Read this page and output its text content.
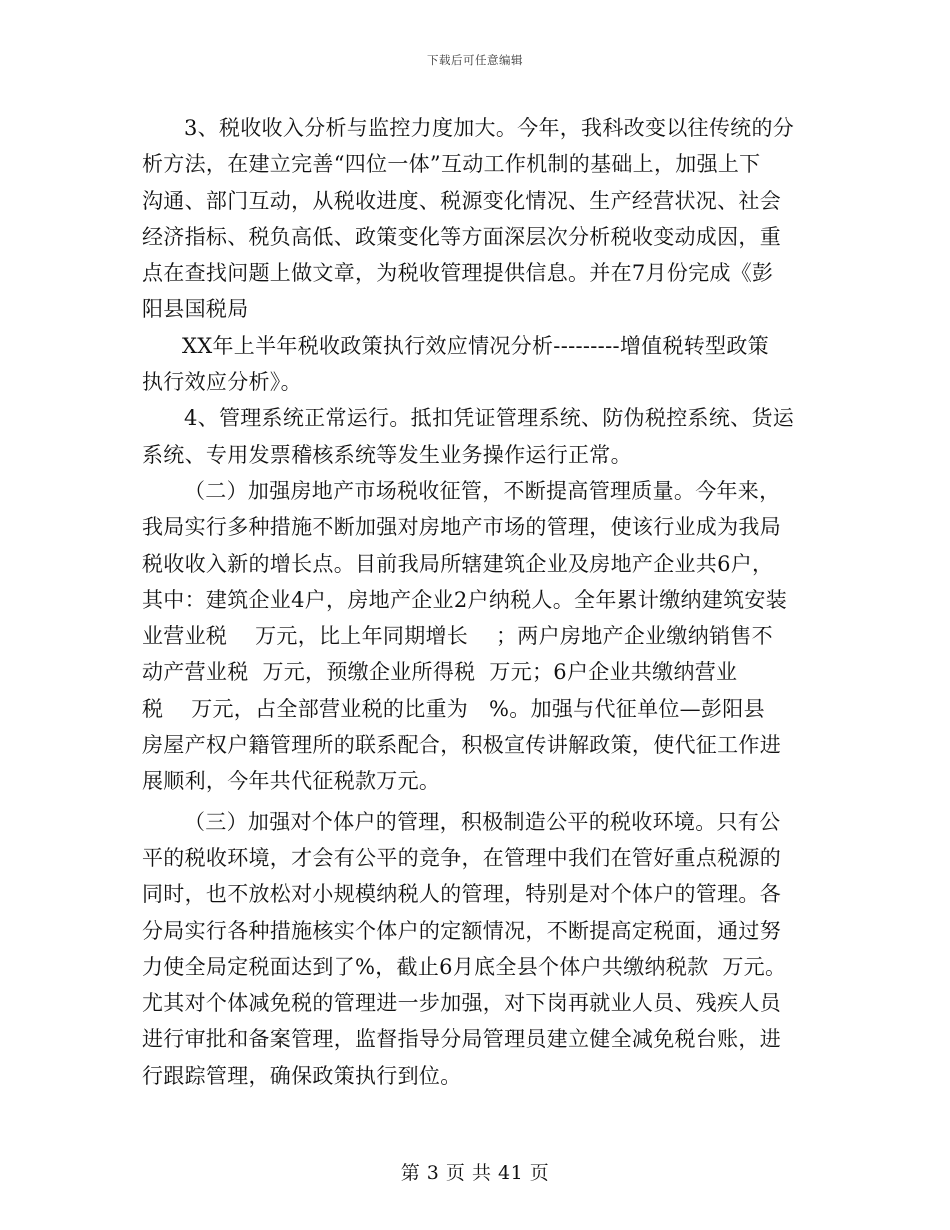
下载后可任意编辑
3、税收收入分析与监控力度加大。今年，我科改变以往传统的分
析方法，在建立完善“四位一体”互动工作机制的基础上，加强上下
沟通、部门互动，从税收进度、税源变化情况、生产经营状况、社会
经济指标、税负高低、政策变化等方面深层次分析税收变动成因，重
点在查找问题上做文章，为税收管理提供信息。并在7月份完成《彭
阳县国税局
XX年上半年税收政策执行效应情况分析---------增值税转型政策
执行效应分析》。
4、管理系统正常运行。抵扣凭证管理系统、防伪税控系统、货运
系统、专用发票稽核系统等发生业务操作运行正常。
（二）加强房地产市场税收征管，不断提高管理质量。今年来，
我局实行多种措施不断加强对房地产市场的管理，使该行业成为我局
税收收入新的增长点。目前我局所辖建筑企业及房地产企业共6户，
其中：建筑企业4户，房地产企业2户纳税人。全年累计缴纳建筑安装
业营业税    万元，比上年同期增长    ；两户房地产企业缴纳销售不
动产营业税  万元，预缴企业所得税  万元；6户企业共缴纳营业
税    万元，占全部营业税的比重为   %。加强与代征单位—彭阳县
房屋产权户籍管理所的联系配合，积极宣传讲解政策，使代征工作进
展顺利，今年共代征税款万元。
（三）加强对个体户的管理，积极制造公平的税收环境。只有公
平的税收环境，才会有公平的竞争，在管理中我们在管好重点税源的
同时，也不放松对小规模纳税人的管理，特别是对个体户的管理。各
分局实行各种措施核实个体户的定额情况，不断提高定税面，通过努
力使全局定税面达到了%，截止6月底全县个体户共缴纳税款  万元。
尤其对个体减免税的管理进一步加强，对下岗再就业人员、残疾人员
进行审批和备案管理，监督指导分局管理员建立健全减免税台账，进
行跟踪管理，确保政策执行到位。
第 3 页 共 41 页
